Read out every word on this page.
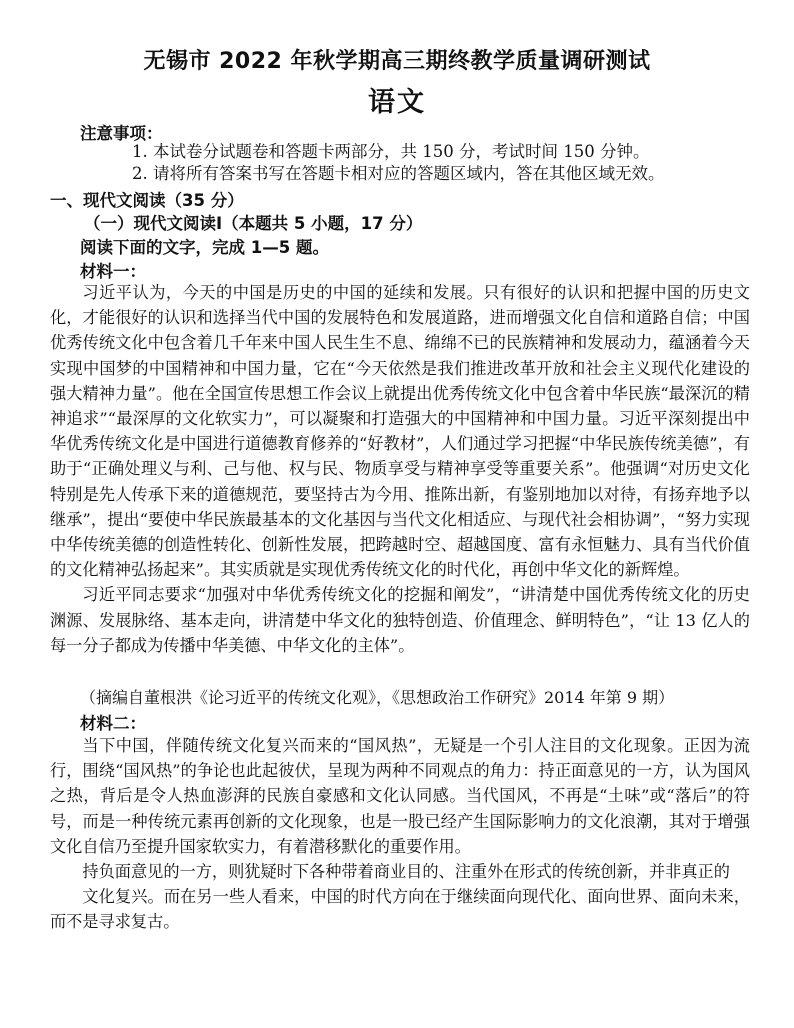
无锡市 2022 年秋学期高三期终教学质量调研测试
语文
注意事项：
1. 本试卷分试题卷和答题卡两部分，共 150 分，考试时间 150 分钟。
2. 请将所有答案书写在答题卡相对应的答题区域内，答在其他区域无效。
一、现代文阅读（35 分）
（一）现代文阅读Ⅰ（本题共 5 小题，17 分）
阅读下面的文字，完成 1—5 题。
材料一：

习近平认为，今天的中国是历史的中国的延续和发展。只有很好的认识和把握中国的历史文化，才能很好的认识和选择当代中国的发展特色和发展道路，进而增强文化自信和道路自信；中国优秀传统文化中包含着几千年来中国人民生生不息、绵绵不已的民族精神和发展动力，蕴涵着今天实现中国梦的中国精神和中国力量，它在“今天依然是我们推进改革开放和社会主义现代化建设的强大精神力量”。他在全国宣传思想工作会议上就提出优秀传统文化中包含着中华民族“最深沉的精神追求”“最深厚的文化软实力”，可以凝聚和打造强大的中国精神和中国力量。习近平深刻提出中华优秀传统文化是中国进行道德教育修养的“好教材”，人们通过学习把握“中华民族传统美德”，有助于“正确处理义与利、己与他、权与民、物质享受与精神享受等重要关系”。他强调“对历史文化特别是先人传承下来的道德规范，要坚持古为今用、推陈出新，有鉴别地加以对待，有扬弃地予以继承”，提出“要使中华民族最基本的文化基因与当代文化相适应、与现代社会相协调”，“努力实现中华传统美德的创造性转化、创新性发展，把跨越时空、超越国度、富有永恒魅力、具有当代价值的文化精神弘扬起来”。其实质就是实现优秀传统文化的时代化，再创中华文化的新辉煌。

习近平同志要求“加强对中华优秀传统文化的挖掘和阐发”，“讲清楚中国优秀传统文化的历史渊源、发展脉络、基本走向，讲清楚中华文化的独特创造、价值理念、鲜明特色”，“让 13 亿人的每一分子都成为传播中华美德、中华文化的主体”。

（摘编自董根洪《论习近平的传统文化观》，《思想政治工作研究》2014 年第 9 期）
材料二：

当下中国，伴随传统文化复兴而来的“国风热”，无疑是一个引人注目的文化现象。正因为流行，围绕“国风热”的争论也此起彼伏，呈现为两种不同观点的角力：持正面意见的一方，认为国风之热，背后是令人热血澎湃的民族自豪感和文化认同感。当代国风，不再是“土味”或“落后”的符号，而是一种传统元素再创新的文化现象，也是一股已经产生国际影响力的文化浪潮，其对于增强文化自信乃至提升国家软实力，有着潜移默化的重要作用。

持负面意见的一方，则犹疑时下各种带着商业目的、注重外在形式的传统创新，并非真正的

文化复兴。而在另一些人看来，中国的时代方向在于继续面向现代化、面向世界、面向未来，而不是寻求复古。
